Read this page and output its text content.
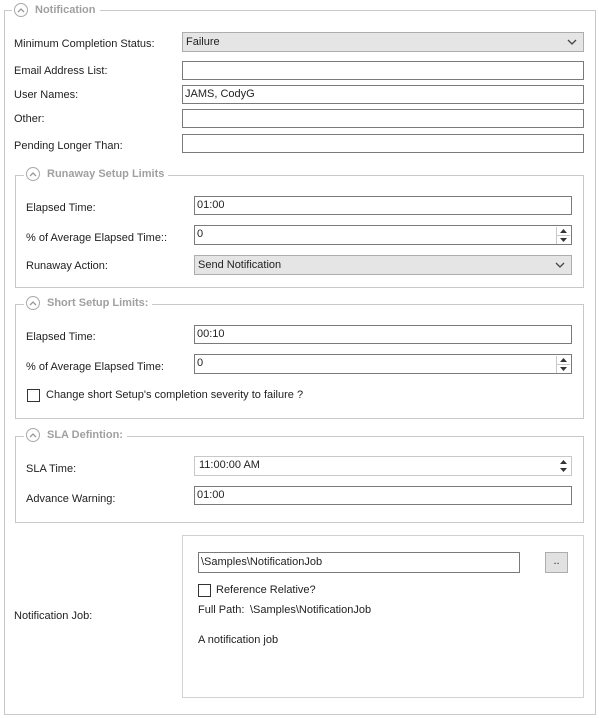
Notification
Minimum Completion Status:	Failure
Email Address List:
User Names:	JAMS, CodyG
Other:
Pending Longer Than:
Runaway Setup Limits
Elapsed Time:	01:00
% of Average Elapsed Time::	0
Runaway Action:	Send Notification
Short Setup Limits:
Elapsed Time:	00:10
% of Average Elapsed Time:	0
Change short Setup's completion severity to failure ?
SLA Defintion:
SLA Time:	11:00:00 AM
Advance Warning:	01:00
Notification Job:
\Samples\NotificationJob	..
Reference Relative?
Full Path: \Samples\NotificationJob
A notification job
